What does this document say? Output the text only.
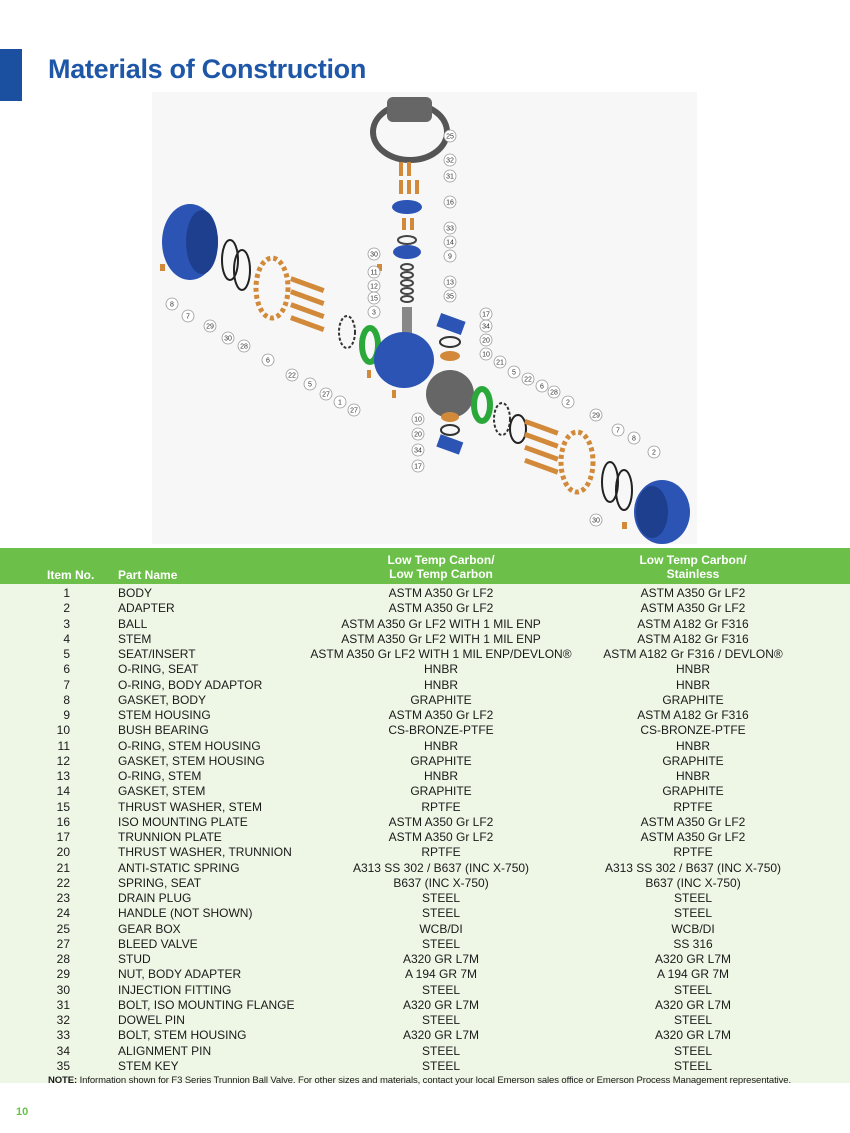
Materials of Construction
25
32
31
16
33
14
9
13
35
30
11
12
15
3	17
34
20
10
21
5
22
6
28
2
8
7
29
30
28
6
22
5
27
1
27
10
20
34
17
29
7
8
2
30
Item No. Part Name
Low Temp Carbon/
Low Temp Carbon
Low Temp Carbon/
Stainless
1	BODY	ASTM A350 Gr LF2	ASTM A350 Gr LF2
2	ADAPTER	ASTM A350 Gr LF2	ASTM A350 Gr LF2
3	BALL	ASTM A350 Gr LF2 WITH 1 MIL ENP	ASTM A182 Gr F316
4	STEM	ASTM A350 Gr LF2 WITH 1 MIL ENP	ASTM A182 Gr F316
5	SEAT/INSERT	ASTM A350 Gr LF2 WITH 1 MIL ENP/DEVLON®	ASTM A182 Gr F316 / DEVLON®
6	O-RING, SEAT	HNBR	HNBR
7	O-RING, BODY ADAPTOR	HNBR	HNBR
8	GASKET, BODY	GRAPHITE	GRAPHITE
9	STEM HOUSING	ASTM A350 Gr LF2	ASTM A182 Gr F316
10	BUSH BEARING	CS-BRONZE-PTFE	CS-BRONZE-PTFE
11	O-RING, STEM HOUSING	HNBR	HNBR
12	GASKET, STEM HOUSING	GRAPHITE	GRAPHITE
13	O-RING, STEM	HNBR	HNBR
14	GASKET, STEM	GRAPHITE	GRAPHITE
15	THRUST WASHER, STEM	RPTFE	RPTFE
16	ISO MOUNTING PLATE	ASTM A350 Gr LF2	ASTM A350 Gr LF2
17	TRUNNION PLATE	ASTM A350 Gr LF2	ASTM A350 Gr LF2
20	THRUST WASHER, TRUNNION	RPTFE	RPTFE
21	ANTI-STATIC SPRING	A313 SS 302 / B637 (INC X-750)	A313 SS 302 / B637 (INC X-750)
22	SPRING, SEAT	B637 (INC X-750)	B637 (INC X-750)
23	DRAIN PLUG	STEEL	STEEL
24	HANDLE (NOT SHOWN)	STEEL	STEEL
25	GEAR BOX	WCB/DI	WCB/DI
27	BLEED VALVE	STEEL	SS 316
28	STUD	A320 GR L7M	A320 GR L7M
29	NUT, BODY ADAPTER	A 194 GR 7M	A 194 GR 7M
30	INJECTION FITTING	STEEL	STEEL
31	BOLT, ISO MOUNTING FLANGE	A320 GR L7M	A320 GR L7M
32	DOWEL PIN	STEEL	STEEL
33	BOLT, STEM HOUSING	A320 GR L7M	A320 GR L7M
34	ALIGNMENT PIN	STEEL	STEEL
35	STEM KEY	STEEL	STEEL
NOTE: Information shown for F3 Series Trunnion Ball Valve. For other sizes and materials, contact your local Emerson sales office or Emerson Process Management representative.
10
